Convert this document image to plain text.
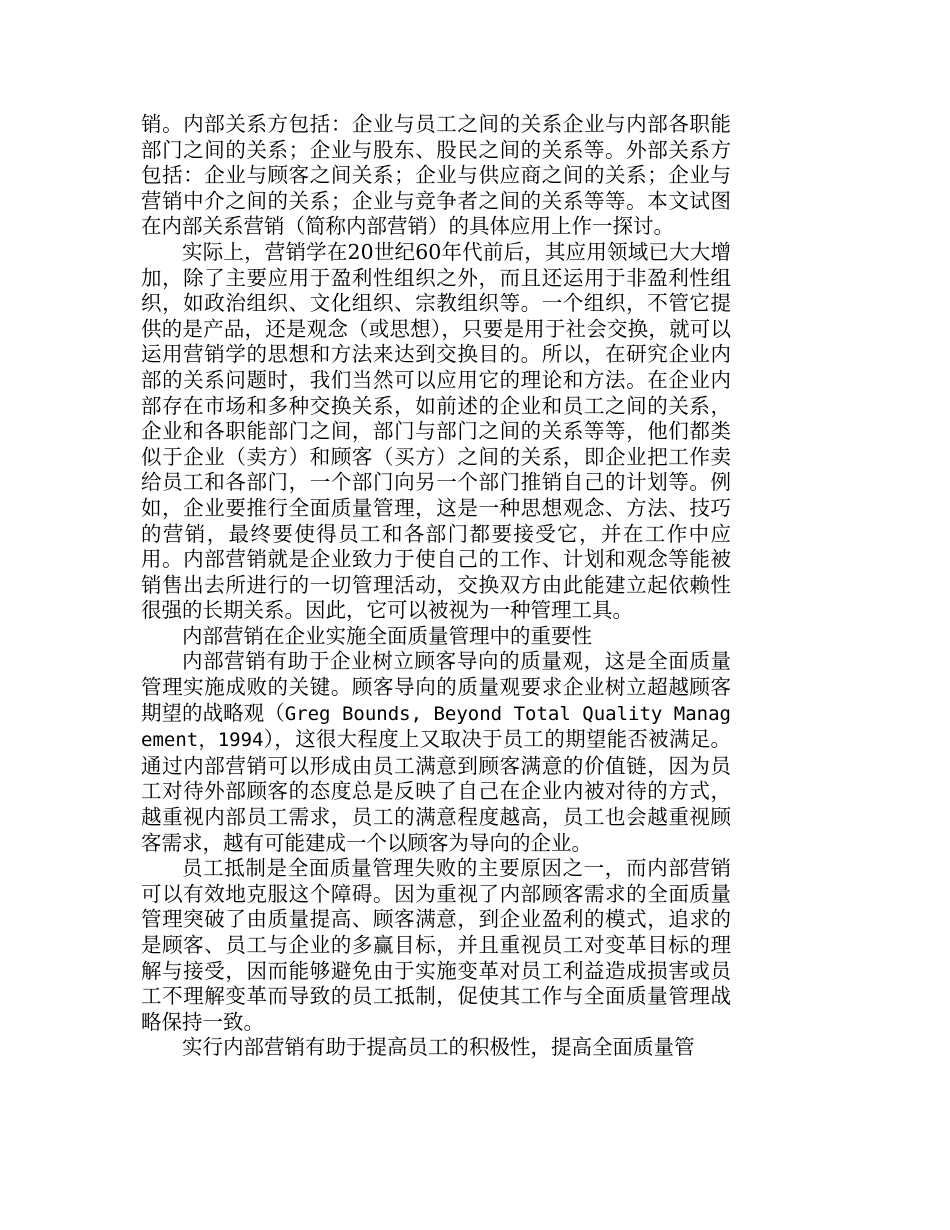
销。内部关系方包括：企业与员工之间的关系企业与内部各职能部门之间的关系；企业与股东、股民之间的关系等。外部关系方包括：企业与顾客之间关系；企业与供应商之间的关系；企业与营销中介之间的关系；企业与竞争者之间的关系等等。本文试图在内部关系营销（简称内部营销）的具体应用上作一探讨。

实际上，营销学在20世纪60年代前后，其应用领域已大大增加，除了主要应用于盈利性组织之外，而且还运用于非盈利性组织，如政治组织、文化组织、宗教组织等。一个组织，不管它提供的是产品，还是观念（或思想），只要是用于社会交换，就可以运用营销学的思想和方法来达到交换目的。所以，在研究企业内部的关系问题时，我们当然可以应用它的理论和方法。在企业内部存在市场和多种交换关系，如前述的企业和员工之间的关系，企业和各职能部门之间，部门与部门之间的关系等等，他们都类似于企业（卖方）和顾客（买方）之间的关系，即企业把工作卖给员工和各部门，一个部门向另一个部门推销自己的计划等。例如，企业要推行全面质量管理，这是一种思想观念、方法、技巧的营销，最终要使得员工和各部门都要接受它，并在工作中应用。内部营销就是企业致力于使自己的工作、计划和观念等能被销售出去所进行的一切管理活动，交换双方由此能建立起依赖性很强的长期关系。因此，它可以被视为一种管理工具。

内部营销在企业实施全面质量管理中的重要性

内部营销有助于企业树立顾客导向的质量观，这是全面质量管理实施成败的关键。顾客导向的质量观要求企业树立超越顾客期望的战略观（Greg Bounds, Beyond Total Quality Management，1994），这很大程度上又取决于员工的期望能否被满足。通过内部营销可以形成由员工满意到顾客满意的价值链，因为员工对待外部顾客的态度总是反映了自己在企业内被对待的方式，越重视内部员工需求，员工的满意程度越高，员工也会越重视顾客需求，越有可能建成一个以顾客为导向的企业。

员工抵制是全面质量管理失败的主要原因之一，而内部营销可以有效地克服这个障碍。因为重视了内部顾客需求的全面质量管理突破了由质量提高、顾客满意，到企业盈利的模式，追求的是顾客、员工与企业的多赢目标，并且重视员工对变革目标的理解与接受，因而能够避免由于实施变革对员工利益造成损害或员工不理解变革而导致的员工抵制，促使其工作与全面质量管理战略保持一致。

实行内部营销有助于提高员工的积极性，提高全面质量管
